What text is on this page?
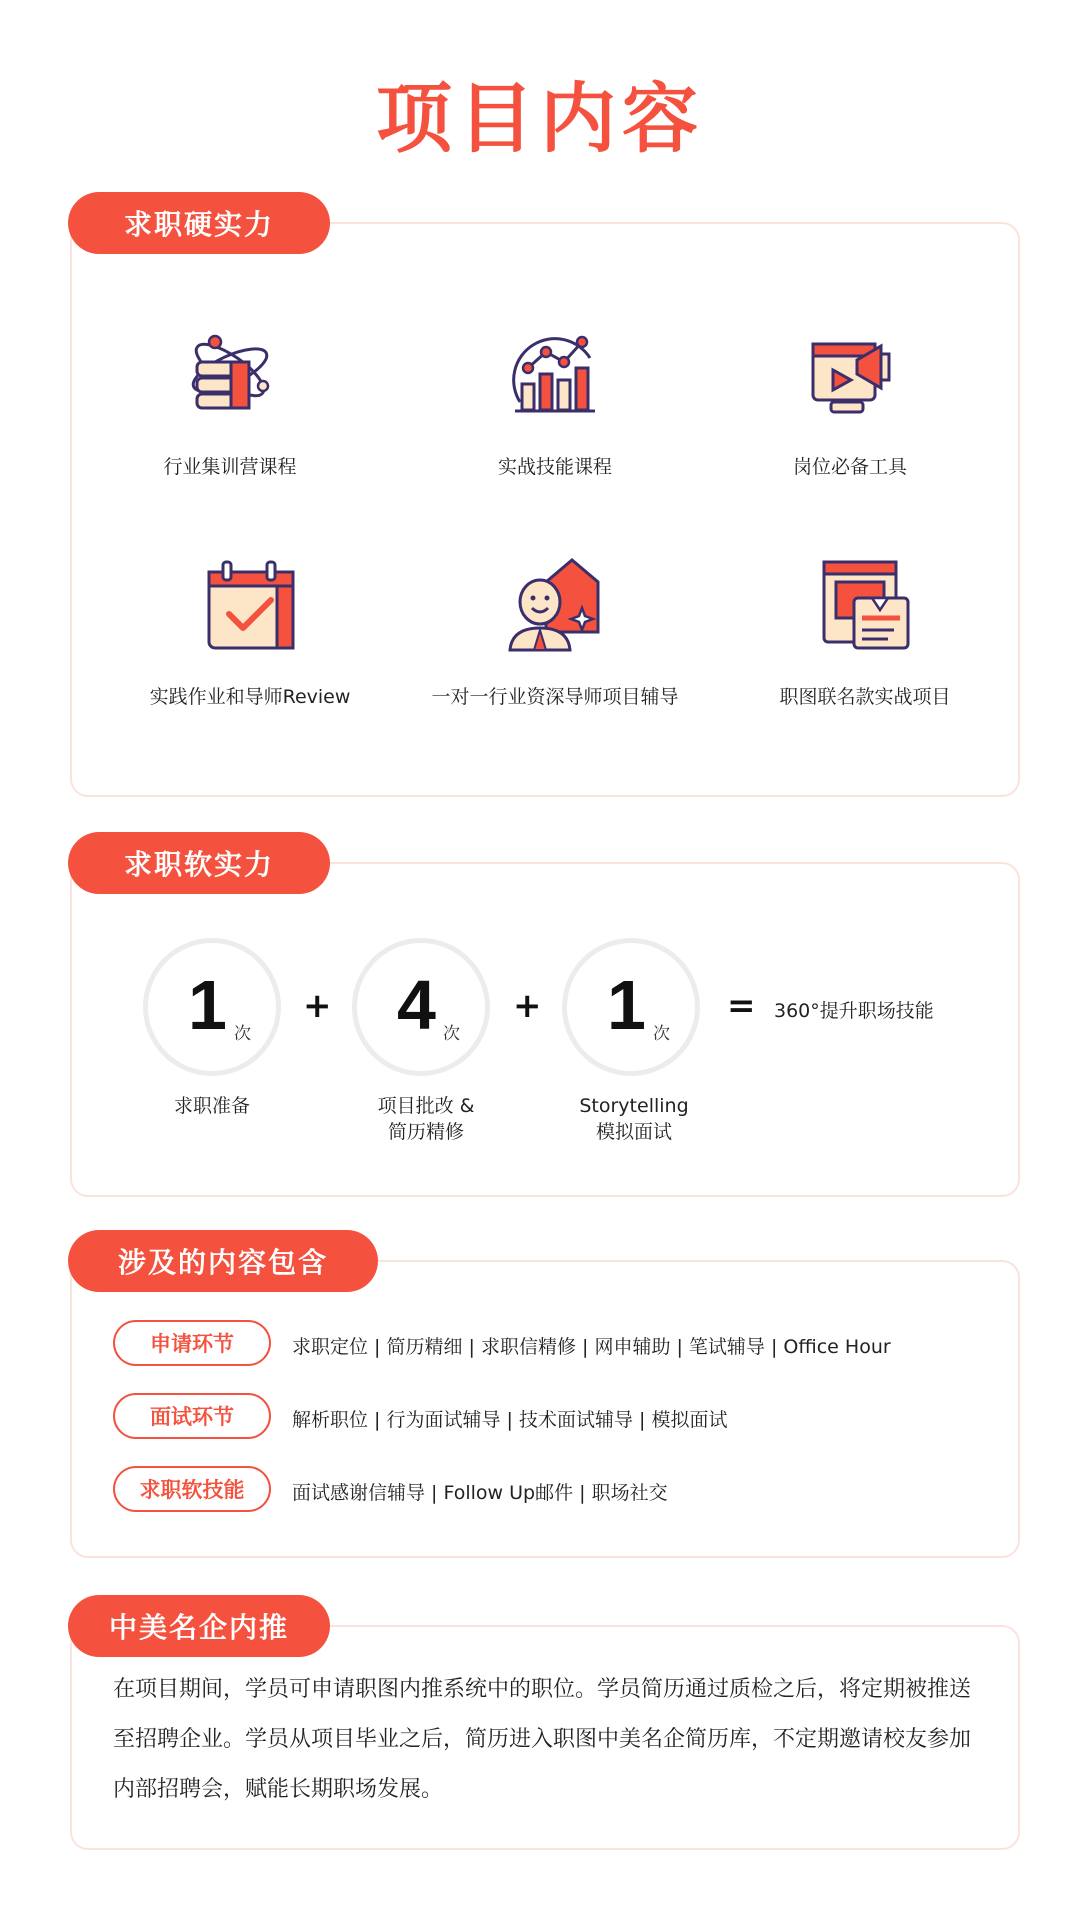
项目内容
求职硬实力
行业集训营课程	实战技能课程	岗位必备工具
实践作业和导师Review	一对一行业资深导师项目辅导	职图联名款实战项目
求职软实力
1 次
+ 4 次
+ 1 次
= 360°提升职场技能
求职准备	项目批改 &
简历精修
Storytelling
模拟面试
涉及的内容包含
申请环节	求职定位 | 简历精细 | 求职信精修 | 网申辅助 | 笔试辅导 | Office Hour
面试环节	解析职位 | 行为面试辅导 | 技术面试辅导 | 模拟面试
求职软技能	面试感谢信辅导 | Follow Up邮件 | 职场社交
中美名企内推
在项目期间，学员可申请职图内推系统中的职位。学员简历通过质检之后，将定期被推送至招聘企业。学员从项目毕业之后，简历进入职图中美名企简历库，不定期邀请校友参加内部招聘会，赋能长期职场发展。
